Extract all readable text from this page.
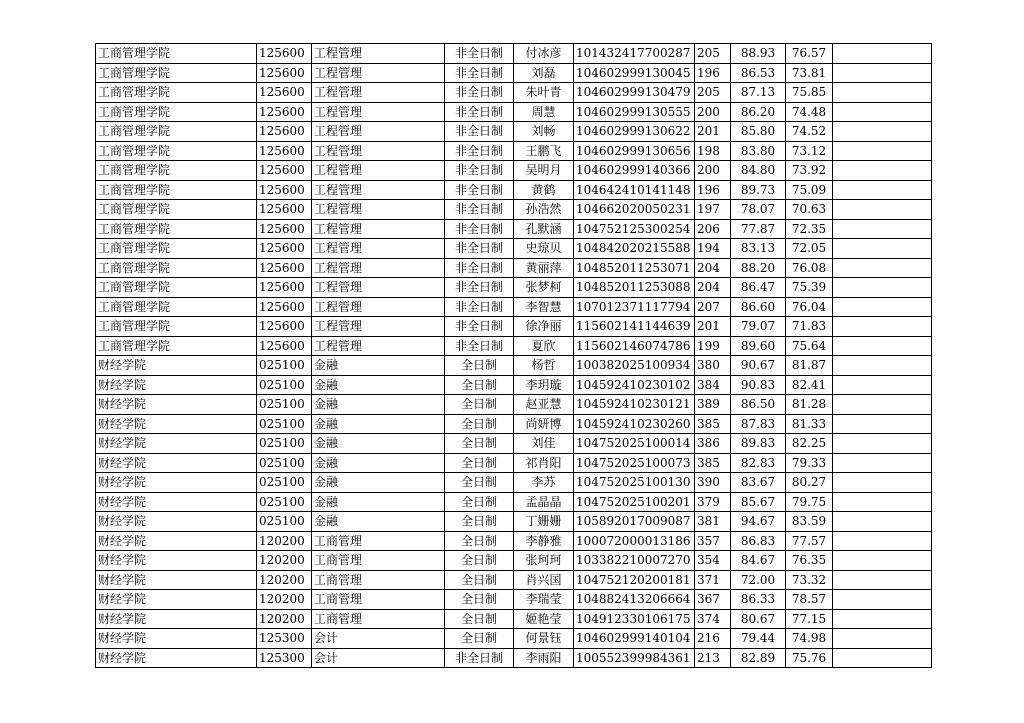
工商管理学院	125600	工程管理	非全日制	付冰彦	101432417700287	205	88.93	76.57	
工商管理学院	125600	工程管理	非全日制	刘磊	104602999130045	196	86.53	73.81	
工商管理学院	125600	工程管理	非全日制	朱叶青	104602999130479	205	87.13	75.85	
工商管理学院	125600	工程管理	非全日制	周慧	104602999130555	200	86.20	74.48	
工商管理学院	125600	工程管理	非全日制	刘畅	104602999130622	201	85.80	74.52	
工商管理学院	125600	工程管理	非全日制	王鹏飞	104602999130656	198	83.80	73.12	
工商管理学院	125600	工程管理	非全日制	吴明月	104602999140366	200	84.80	73.92	
工商管理学院	125600	工程管理	非全日制	黄鹤	104642410141148	196	89.73	75.09	
工商管理学院	125600	工程管理	非全日制	孙浩然	104662020050231	197	78.07	70.63	
工商管理学院	125600	工程管理	非全日制	孔默涵	104752125300254	206	77.87	72.35	
工商管理学院	125600	工程管理	非全日制	史琼贝	104842020215588	194	83.13	72.05	
工商管理学院	125600	工程管理	非全日制	黄丽萍	104852011253071	204	88.20	76.08	
工商管理学院	125600	工程管理	非全日制	张梦柯	104852011253088	204	86.47	75.39	
工商管理学院	125600	工程管理	非全日制	李智慧	107012371117794	207	86.60	76.04	
工商管理学院	125600	工程管理	非全日制	徐净丽	115602141144639	201	79.07	71.83	
工商管理学院	125600	工程管理	非全日制	夏欣	115602146074786	199	89.60	75.64	
财经学院	025100	金融	全日制	杨哲	100382025100934	380	90.67	81.87	
财经学院	025100	金融	全日制	李玥璇	104592410230102	384	90.83	82.41	
财经学院	025100	金融	全日制	赵亚慧	104592410230121	389	86.50	81.28	
财经学院	025100	金融	全日制	尚妍博	104592410230260	385	87.83	81.33	
财经学院	025100	金融	全日制	刘佳	104752025100014	386	89.83	82.25	
财经学院	025100	金融	全日制	祁肖阳	104752025100073	385	82.83	79.33	
财经学院	025100	金融	全日制	李苏	104752025100130	390	83.67	80.27	
财经学院	025100	金融	全日制	孟晶晶	104752025100201	379	85.67	79.75	
财经学院	025100	金融	全日制	丁姗姗	105892017009087	381	94.67	83.59	
财经学院	120200	工商管理	全日制	李静雅	100072000013186	357	86.83	77.57	
财经学院	120200	工商管理	全日制	张珂珂	103382210007270	354	84.67	76.35	
财经学院	120200	工商管理	全日制	肖兴国	104752120200181	371	72.00	73.32	
财经学院	120200	工商管理	全日制	李瑞莹	104882413206664	367	86.33	78.57	
财经学院	120200	工商管理	全日制	姬艳莹	104912330106175	374	80.67	77.15	
财经学院	125300	会计	全日制	何景钰	104602999140104	216	79.44	74.98	
财经学院	125300	会计	非全日制	李雨阳	100552399984361	213	82.89	75.76	
